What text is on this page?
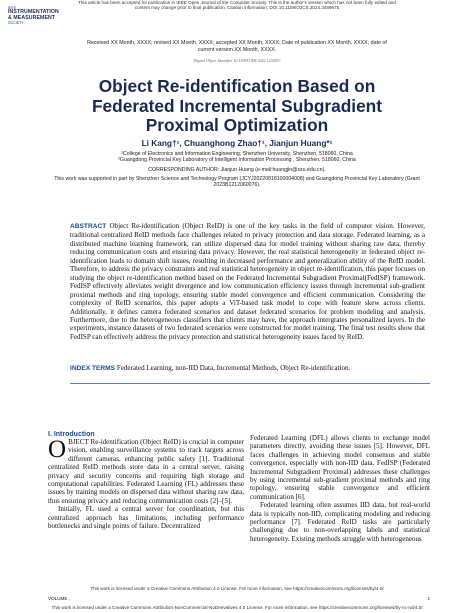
This article has been accepted for publication in IEEE Open Journal of the Computer Society. This is the author's version which has not been fully edited and
content may change prior to final publication. Citation information: DOI 10.1109/OJCS.2024.3489675
IEEE
INSTRUMENTATION
& MEASUREMENT
SOCIETY
Received XX Month, XXXX; revised XX Month, XXXX; accepted XX Month, XXXX; Date of publication XX Month, XXXX; date of
current version XX Month, XXXX.
Digital Object Identifier 10.1109/OJIM.2022.1234567
Object Re-identification Based on
Federated Incremental Subgradient
Proximal Optimization
Li Kang†¹, Chuanghong Zhao†¹, Jianjun Huang*¹
¹College of Electronics and Information Engineering, Shenzhen University, Shenzhen, 518060, China
²Guangdong Provincial Key Laboratory of Intelligent Information Processing , Shenzhen, 518060, China
CORRESPONDING AUTHOR: Jianjun Huang (e-mail:huangjin@szu.edu.cn).
This work was supported in part by Shenzhen Science and Technology Program (JCYJ20220818100004008) and Guangdong Provincial Key Laboratory (Grant 2023B1212060076).
ABSTRACT Object Re-identification (Object ReID) is one of the key tasks in the field of computer vision. However, traditional centralized ReID methods face challenges related to privacy protection and data storage. Federated learning, as a distributed machine learning framework, can utilize dispersed data for model training without sharing raw data, thereby reducing communication costs and ensuring data privacy. However, the real statistical heterogeneity in federated object re-identification leads to domain shift issues, resulting in decreased performance and generalization ability of the ReID model. Therefore, to address the privacy constraints and real statistical heterogeneity in object re-identification, this paper focuses on studying the object re-identification method based on the Federated Incremental Subgradient Proximal(FedISP) framework. FedISP effectively alleviates weight divergence and low communication efficiency issues through incremental sub-gradient proximal methods and ring topology, ensuring stable model convergence and efficient communication. Considering the complexity of ReID scenarios, this paper adopts a ViT-based task model to cope with feature skew across clients. Additionally, it defines camera federated scenarios and dataset federated scenarios for problem modeling and analysis. Furthermore, due to the heterogeneous classifiers that clients may have, the approach intergrates personalized layers. In the experiments, instance datasets of two federated scenarios were constructed for model training. The final test results show that FedISP can effectively address the privacy protection and statistical heterogeneity issues faced by ReID.
INDEX TERMS Federated Learning, non-IID Data, Incremental Methods, Object Re-identification.
I. Introduction

OBJECT Re-identification (Object ReID) is crucial in computer vision, enabling surveillance systems to track targets across different cameras, enhancing public safety [1]. Traditional centralized ReID methods store data in a central server, raising privacy and security concerns and requiring high storage and computational capabilities. Federated Learning (FL) addresses these issues by training models on dispersed data without sharing raw data, thus ensuring privacy and reducing communication costs [2]–[5].

Initially, FL used a central server for coordination, but this centralized approach has limitations, including performance bottlenecks and single points of failure. Decentralized

Federated Learning (DFL) allows clients to exchange model parameters directly, avoiding these issues [5]. However, DFL faces challenges in achieving model consensus and stable convergence, especially with non-IID data. FedISP (Federated Incremental Subgradient Proximal) addresses these challenges by using incremental sub-gradient proximal methods and ring topology, ensuring stable convergence and efficient communication [6].

Federated learning often assumes IID data, but real-world data is typically non-IID, complicating modeling and reducing performance [7]. Federated ReID tasks are particularly challenging due to non-overlapping labels and statistical heterogeneity. Existing methods struggle with heterogeneous

This work is licensed under a Creative Commons Attribution 4.0 License. For more information, see https://creativecommons.org/licenses/by/4.0/
VOLUME ,	1
This work is licensed under a Creative Commons Attribution-NonCommercial-NoDerivatives 4.0 License. For more information, see https://creativecommons.org/licenses/by-nc-nd/4.0/
